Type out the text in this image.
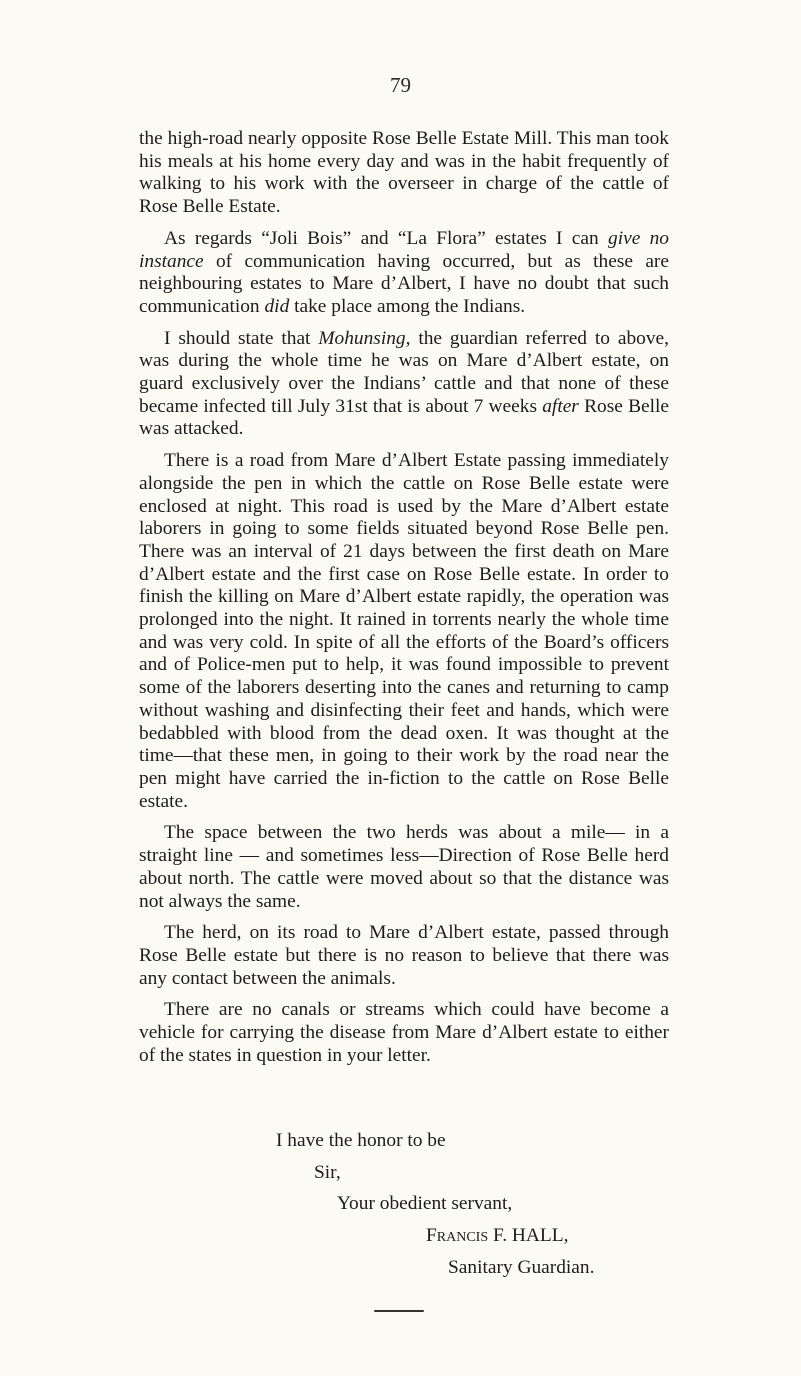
79

the high-road nearly opposite Rose Belle Estate Mill. This man took his meals at his home every day and was in the habit frequently of walking to his work with the overseer in charge of the cattle of Rose Belle Estate.

As regards “Joli Bois” and “La Flora” estates I can give no instance of communication having occurred, but as these are neighbouring estates to Mare d’Albert, I have no doubt that such communication did take place among the Indians.

I should state that Mohunsing, the guardian referred to above, was during the whole time he was on Mare d’Albert estate, on guard exclusively over the Indians’ cattle and that none of these became infected till July 31st that is about 7 weeks after Rose Belle was attacked.

There is a road from Mare d’Albert Estate passing immediately alongside the pen in which the cattle on Rose Belle estate were enclosed at night. This road is used by the Mare d’Albert estate laborers in going to some fields situated beyond Rose Belle pen. There was an interval of 21 days between the first death on Mare d’Albert estate and the first case on Rose Belle estate. In order to finish the killing on Mare d’Albert estate rapidly, the operation was prolonged into the night. It rained in torrents nearly the whole time and was very cold. In spite of all the efforts of the Board’s officers and of Police-men put to help, it was found impossible to prevent some of the laborers deserting into the canes and returning to camp without washing and disinfecting their feet and hands, which were bedabbled with blood from the dead oxen. It was thought at the time—that these men, in going to their work by the road near the pen might have carried the in-fiction to the cattle on Rose Belle estate.

The space between the two herds was about a mile— in a straight line — and sometimes less—Direction of Rose Belle herd about north. The cattle were moved about so that the distance was not always the same.

The herd, on its road to Mare d’Albert estate, passed through Rose Belle estate but there is no reason to believe that there was any contact between the animals.

There are no canals or streams which could have become a vehicle for carrying the disease from Mare d’Albert estate to either of the states in question in your letter.

I have the honor to be
Sir,
Your obedient servant,
Francis F. HALL,
Sanitary Guardian.
